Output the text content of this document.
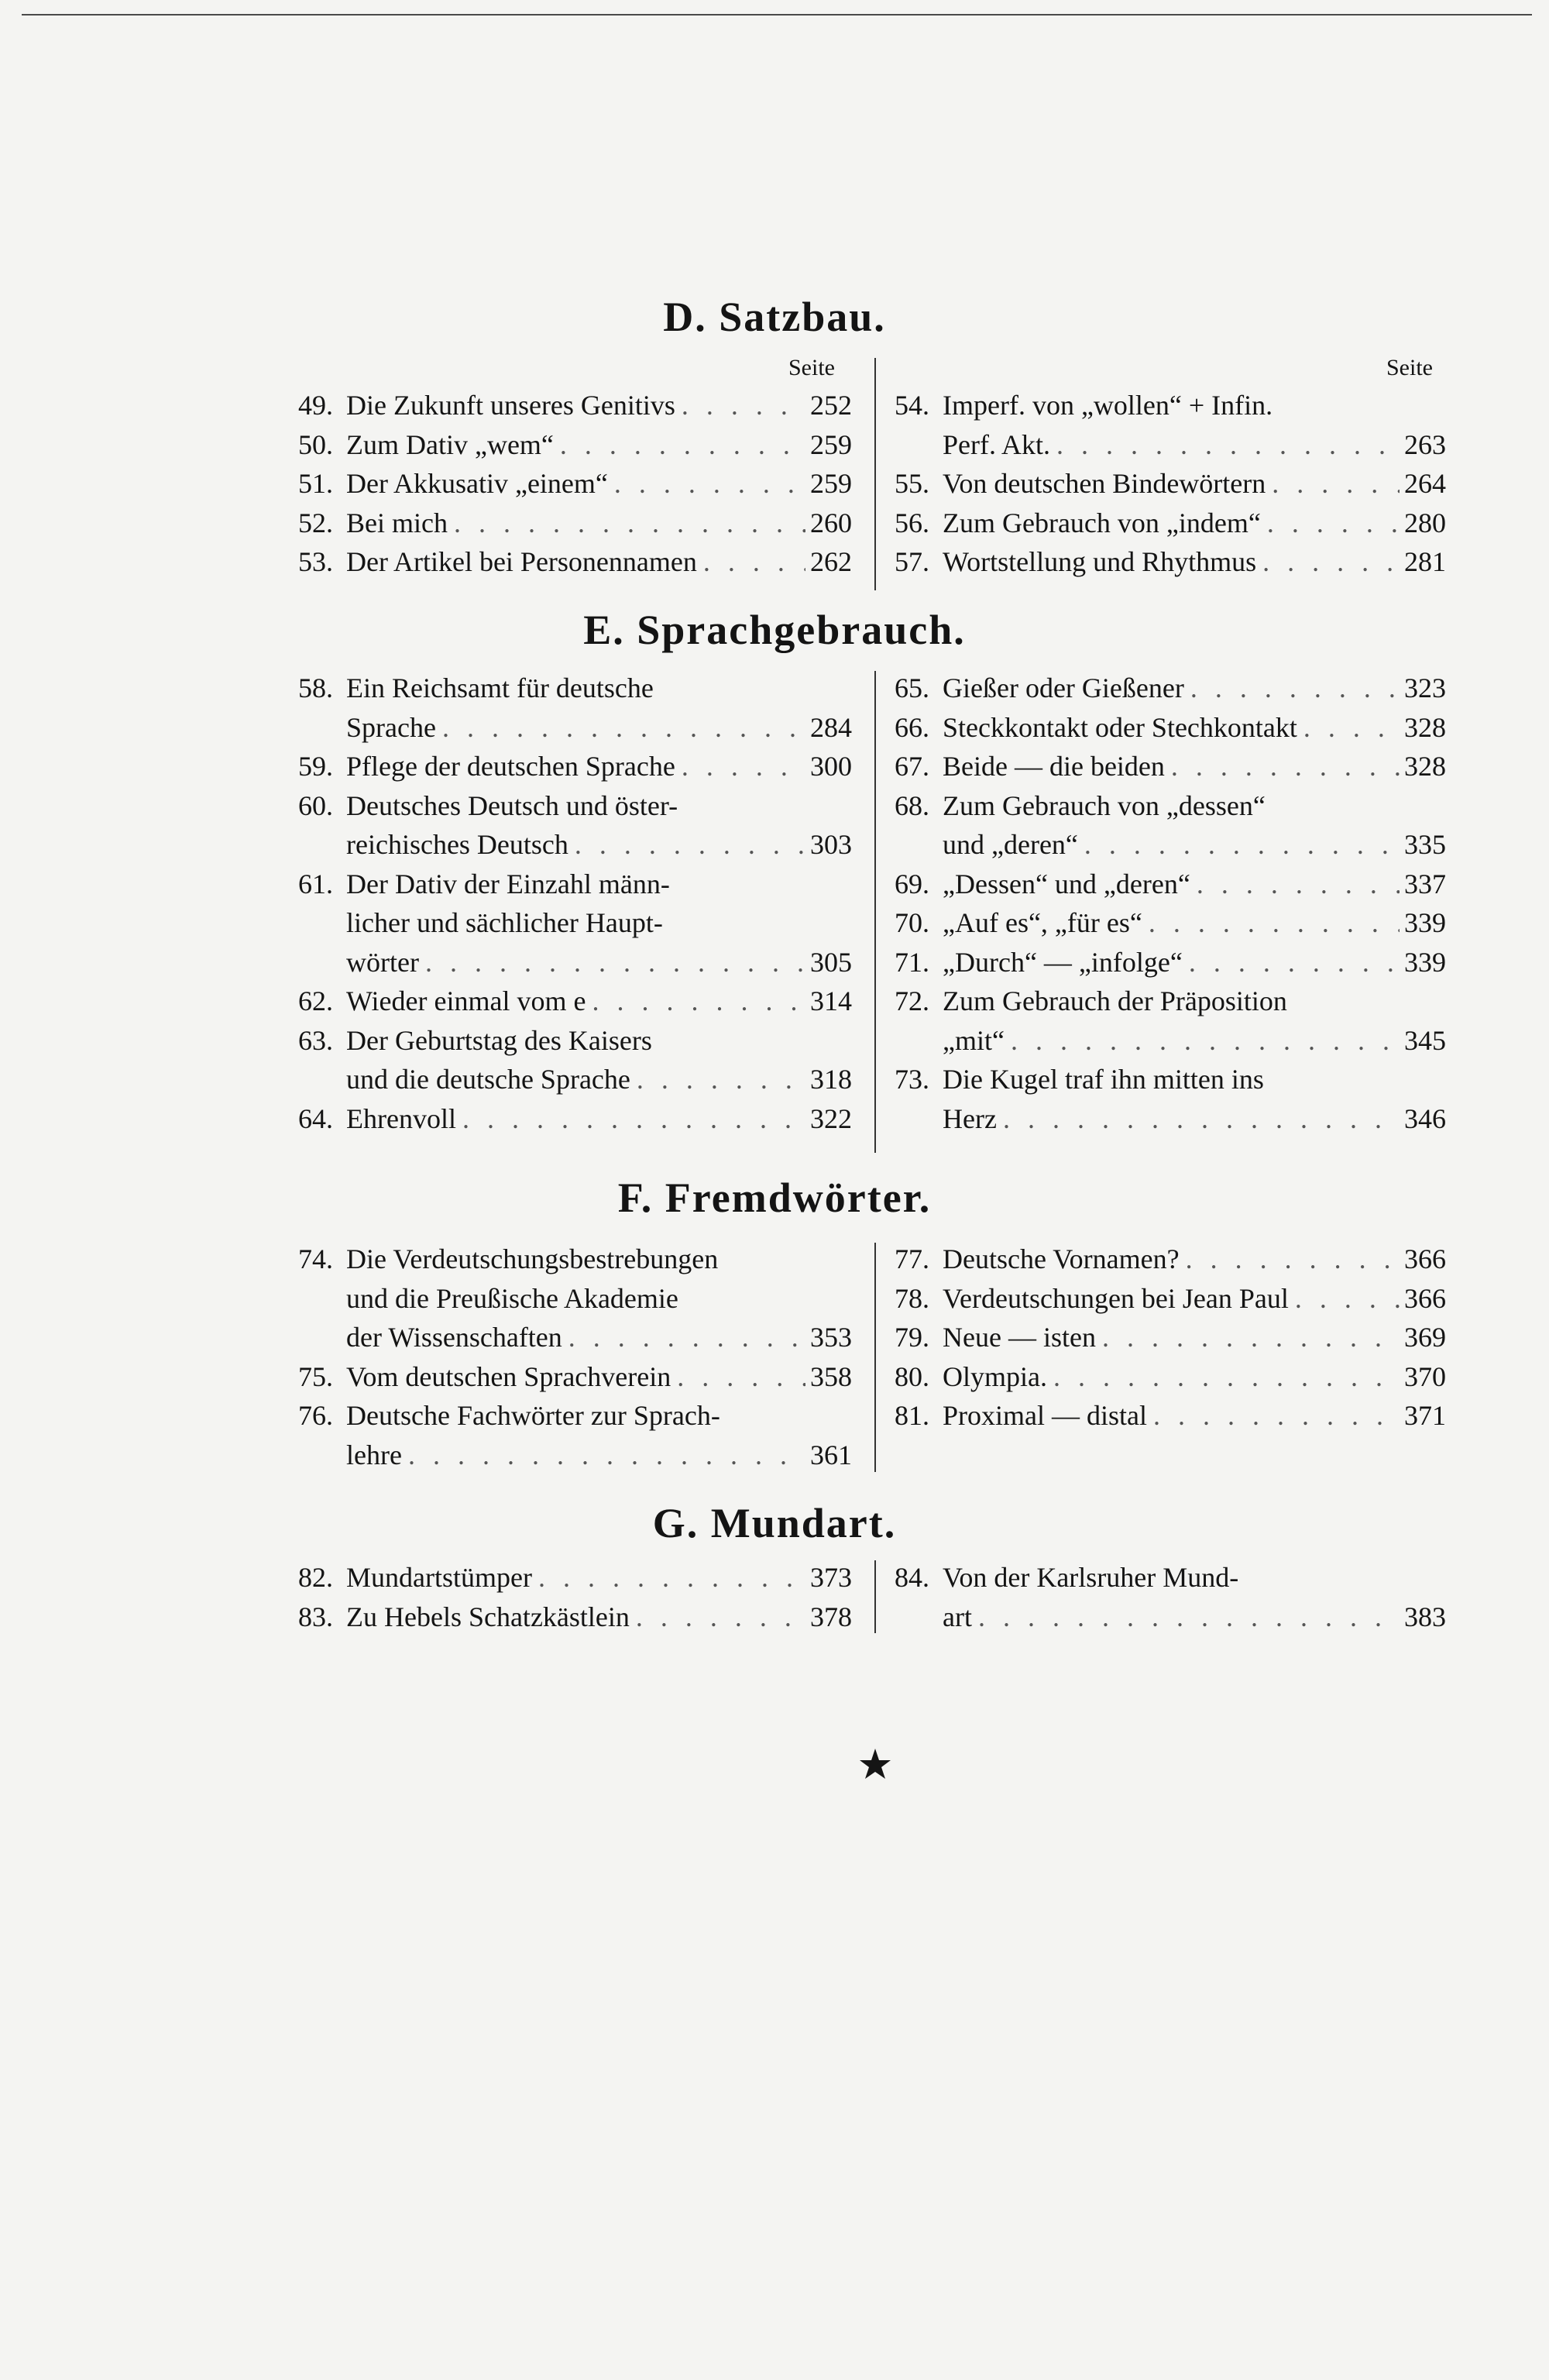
D. Satzbau.
Seite	Seite
49. Die Zukunft unseres Genitivs . . .	252
50. Zum Dativ „wem“ . . .	259
51. Der Akkusativ „einem“ . . .	259
52. Bei mich . . .	260
53. Der Artikel bei Personennamen . . .	262
54. Imperf. von „wollen“ + Infin.
Perf. Akt. . . .	263
55. Von deutschen Bindewörtern . . .	264
56. Zum Gebrauch von „indem“ . . .	280
57. Wortstellung und Rhythmus . . .	281
E. Sprachgebrauch.
58. Ein Reichsamt für deutsche
Sprache . . .	284
59. Pflege der deutschen Sprache . . .	300
60. Deutsches Deutsch und öster-
reichisches Deutsch . . .	303
61. Der Dativ der Einzahl männ-
licher und sächlicher Haupt-
wörter . . .	305
62. Wieder einmal vom e . . .	314
63. Der Geburtstag des Kaisers
und die deutsche Sprache . . .	318
64. Ehrenvoll . . .	322
65. Gießer oder Gießener . . .	323
66. Steckkontakt oder Stechkontakt . . .	328
67. Beide — die beiden . . .	328
68. Zum Gebrauch von „dessen“
und „deren“ . . .	335
69. „Dessen“ und „deren“ . . .	337
70. „Auf es“, „für es“ . . .	339
71. „Durch“ — „infolge“ . . .	339
72. Zum Gebrauch der Präposition
„mit“ . . .	345
73. Die Kugel traf ihn mitten ins
Herz . . .	346
F. Fremdwörter.
74. Die Verdeutschungsbestrebungen
und die Preußische Akademie
der Wissenschaften . . .	353
75. Vom deutschen Sprachverein . . .	358
76. Deutsche Fachwörter zur Sprach-
lehre . . .	361
77. Deutsche Vornamen? . . .	366
78. Verdeutschungen bei Jean Paul . . .	366
79. Neue — isten . . .	369
80. Olympia. . . .	370
81. Proximal — distal . . .	371
G. Mundart.
82. Mundartstümper . . .	373
83. Zu Hebels Schatzkästlein . . .	378
84. Von der Karlsruher Mund-
art . . .	383
